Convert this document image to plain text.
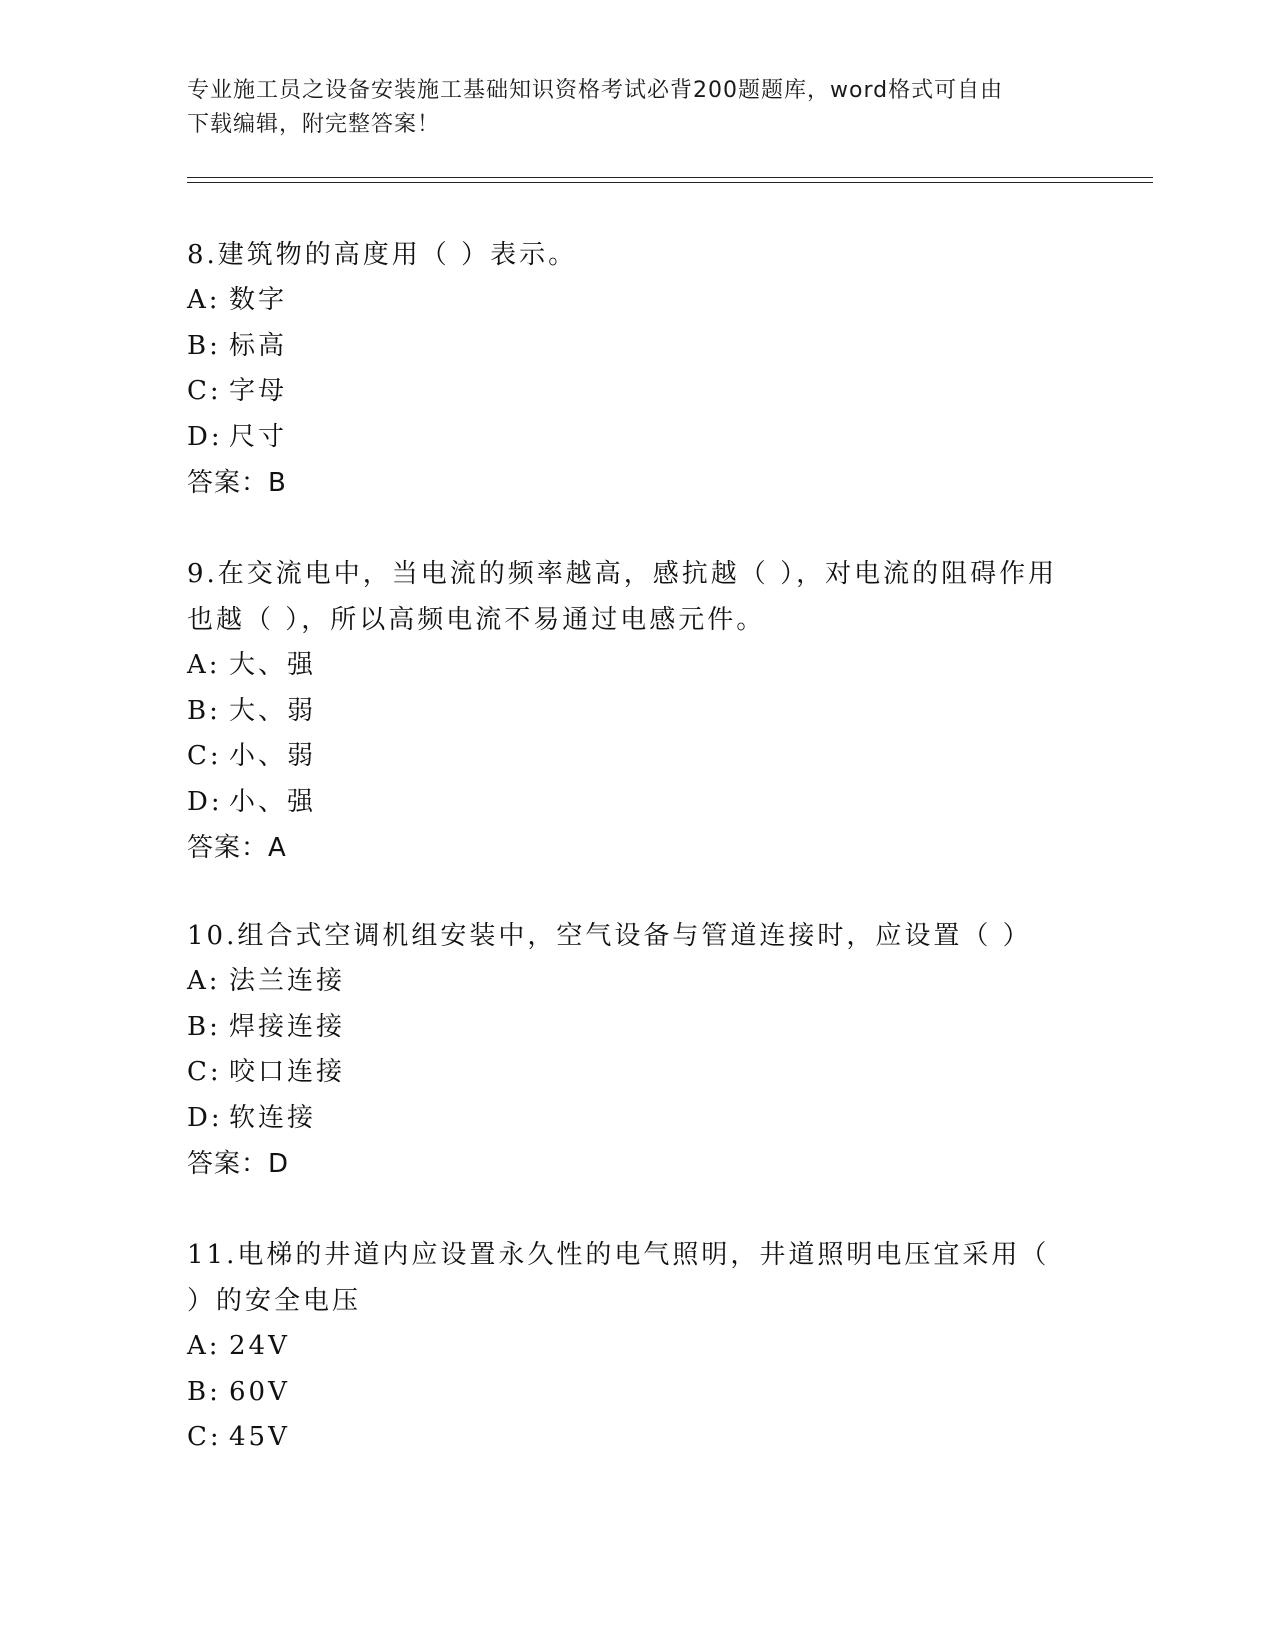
专业施工员之设备安装施工基础知识资格考试必背200题题库，word格式可自由
下载编辑，附完整答案！

8.建筑物的高度用（ ）表示。

A: 数字

B: 标高

C: 字母

D: 尺寸

答案：B

9.在交流电中，当电流的频率越高，感抗越（ ），对电流的阻碍作用

也越（ ），所以高频电流不易通过电感元件。

A: 大、强

B: 大、弱

C: 小、弱

D: 小、强

答案：A

10.组合式空调机组安装中，空气设备与管道连接时，应设置（ ）

A: 法兰连接

B: 焊接连接

C: 咬口连接

D: 软连接

答案：D

11.电梯的井道内应设置永久性的电气照明，井道照明电压宜采用（

）的安全电压

A: 24V

B: 60V

C: 45V
